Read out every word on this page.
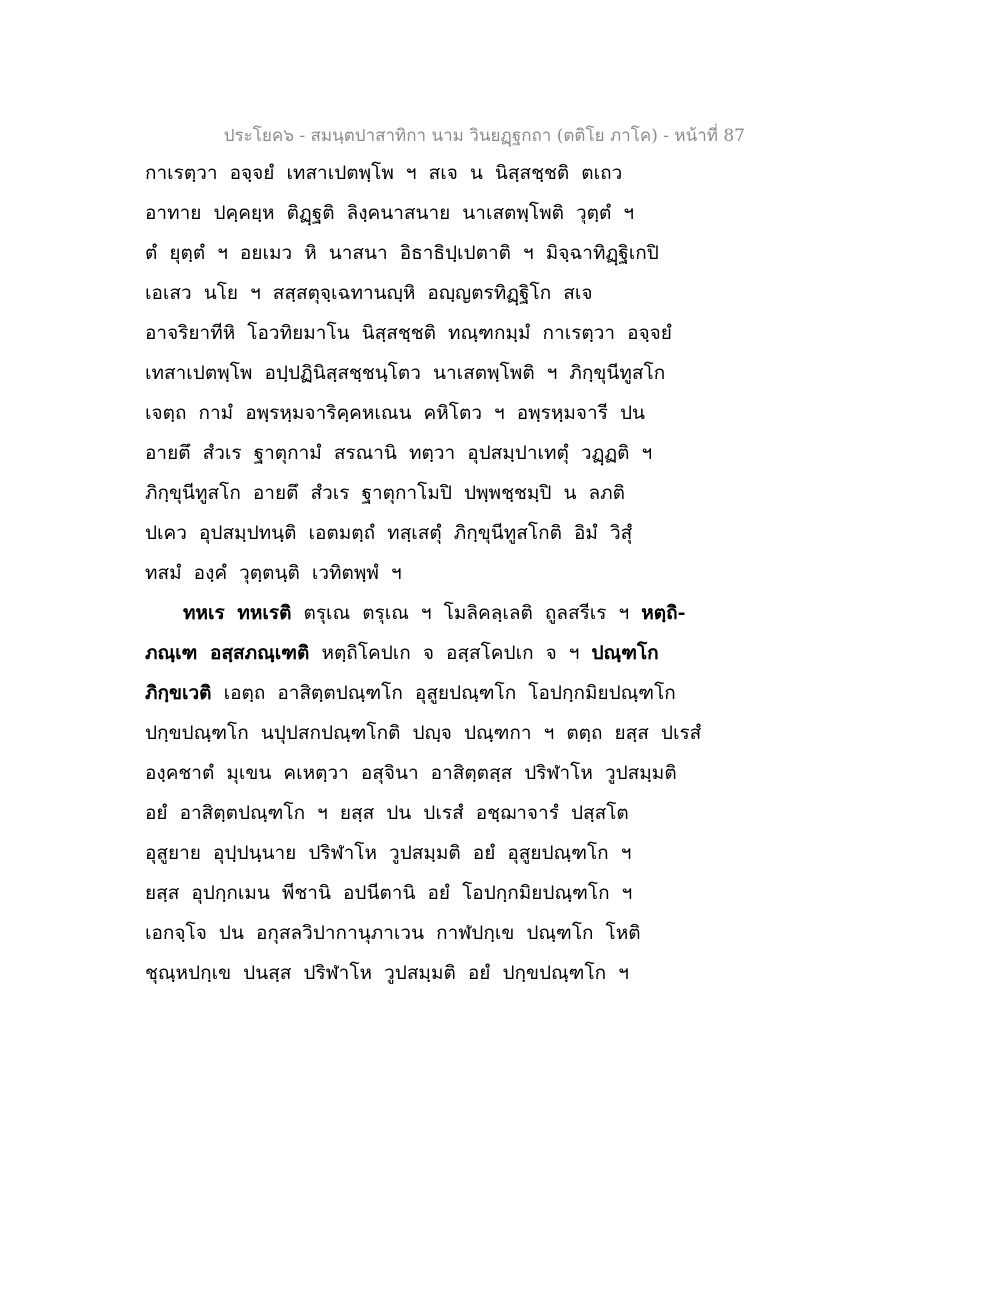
ประโยค๖ - สมนฺตปาสาทิกา นาม วินยฏฺฐกถา (ตติโย ภาโค) - หน้าที่ 87
กาเรตฺวา อจฺจยํ เทสาเปตพฺโพ ฯ สเจ น นิสฺสชฺชติ ตเถว
อาทาย ปคฺคยฺห ติฏฺฐติ ลิงฺคนาสนาย นาเสตพฺโพติ วุตฺตํ ฯ
ตํ ยุตฺตํ ฯ อยเมว หิ นาสนา อิธาธิปฺเปตาติ ฯ มิจฺฉาทิฏฺฐิเกปิ
เอเสว นโย ฯ สสฺสตุจฺเฉทานญฺหิ อญฺญตรทิฏฺฐิโก สเจ
อาจริยาทีหิ โอวทิยมาโน นิสฺสชฺชติ ทณฺฑกมฺมํ กาเรตฺวา อจฺจยํ
เทสาเปตพฺโพ อปฺปฏินิสฺสชฺชนฺโตว นาเสตพฺโพติ ฯ ภิกฺขุนีทูสโก
เจตฺถ กามํ อพฺรหฺมจาริคฺคหเณน คหิโตว ฯ อพฺรหฺมจารี ปน
อายตึ สํวเร ฐาตุกามํ สรณานิ ทตฺวา อุปสมฺปาเทตุํ วฏฺฏติ ฯ
ภิกฺขุนีทูสโก อายตึ สํวเร ฐาตุกาโมปิ ปพฺพชฺชมฺปิ น ลภติ
ปเคว อุปสมฺปทนฺติ เอตมตฺถํ ทสฺเสตุํ ภิกฺขุนีทูสโกติ อิมํ วิสุํ
ทสมํ องฺคํ วุตฺตนฺติ เวทิตพฺพํ ฯ
ทหเร ทหเรติ ตรุเณ ตรุเณ ฯ โมลิคลฺเลติ ถูลสรีเร ฯ หตฺถิ-
ภณฺเฑ อสฺสภณฺเฑติ หตฺถิโคปเก จ อสฺสโคปเก จ ฯ ปณฺฑโก
ภิกฺขเวติ เอตฺถ อาสิตฺตปณฺฑโก อุสูยปณฺฑโก โอปกฺกมิยปณฺฑโก
ปกฺขปณฺฑโก นปุปสกปณฺฑโกติ ปญฺจ ปณฺฑกา ฯ ตตฺถ ยสฺส ปเรสํ
องฺคชาตํ มุเขน คเหตฺวา อสุจินา อาสิตฺตสฺส ปริฬาโห วูปสมฺมติ
อยํ อาสิตฺตปณฺฑโก ฯ ยสฺส ปน ปเรสํ อชฺฌาจารํ ปสฺสโต
อุสูยาย อุปฺปนฺนาย ปริฬาโห วูปสมฺมติ อยํ อุสูยปณฺฑโก ฯ
ยสฺส อุปกฺกเมน พีชานิ อปนีตานิ อยํ โอปกฺกมิยปณฺฑโก ฯ
เอกจฺโจ ปน อกุสลวิปากานุภาเวน กาฬปกฺเข ปณฺฑโก โหติ
ชุณฺหปกฺเข ปนสฺส ปริฬาโห วูปสมฺมติ อยํ ปกฺขปณฺฑโก ฯ
